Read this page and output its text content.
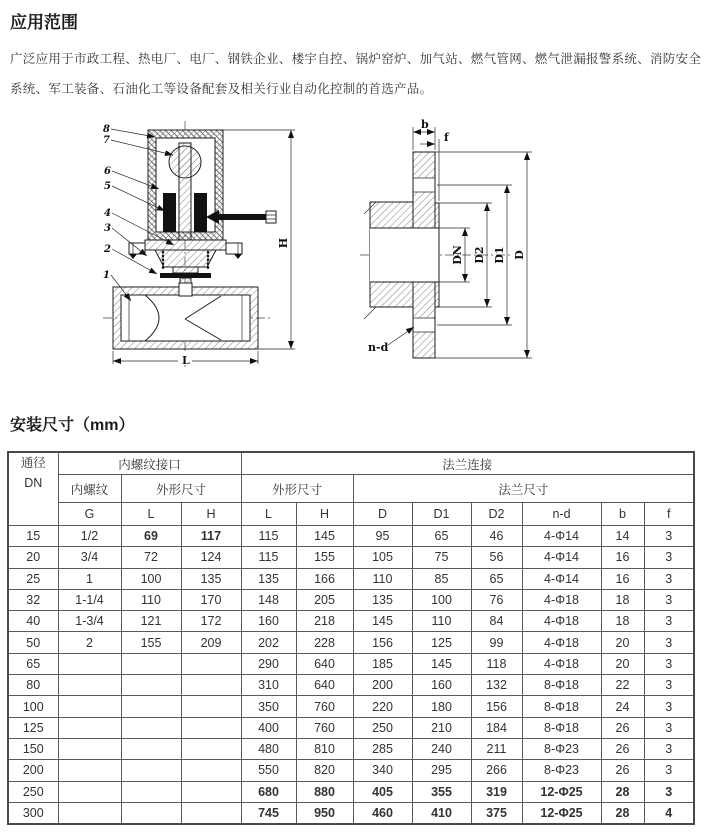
应用范围

广泛应用于市政工程、热电厂、电厂、钢铁企业、楼宇自控、锅炉窑炉、加气站、燃气管网、燃气泄漏报警系统、消防安全系统、军工装备、石油化工等设备配套及相关行业自动化控制的首选产品。

L
H
8
7
6
5
4
3
2
1
b
f
DN D2 D1 D
n-d
安装尺寸（mm）
通径
DN	内螺纹接口			法兰连接							
	内螺纹	外形尺寸		外形尺寸		法兰尺寸					
	G	L	H	L	H	D	D1	D2	n-d	b	f
15	1/2	69	117	115	145	95	65	46	4-Φ14	14	3
20	3/4	72	124	115	155	105	75	56	4-Φ14	16	3
25	1	100	135	135	166	110	85	65	4-Φ14	16	3
32	1-1/4	110	170	148	205	135	100	76	4-Φ18	18	3
40	1-3/4	121	172	160	218	145	110	84	4-Φ18	18	3
50	2	155	209	202	228	156	125	99	4-Φ18	20	3
65				290	640	185	145	118	4-Φ18	20	3
80				310	640	200	160	132	8-Φ18	22	3
100				350	760	220	180	156	8-Φ18	24	3
125				400	760	250	210	184	8-Φ18	26	3
150				480	810	285	240	211	8-Φ23	26	3
200				550	820	340	295	266	8-Φ23	26	3
250				680	880	405	355	319	12-Φ25	28	3
300				745	950	460	410	375	12-Φ25	28	4
